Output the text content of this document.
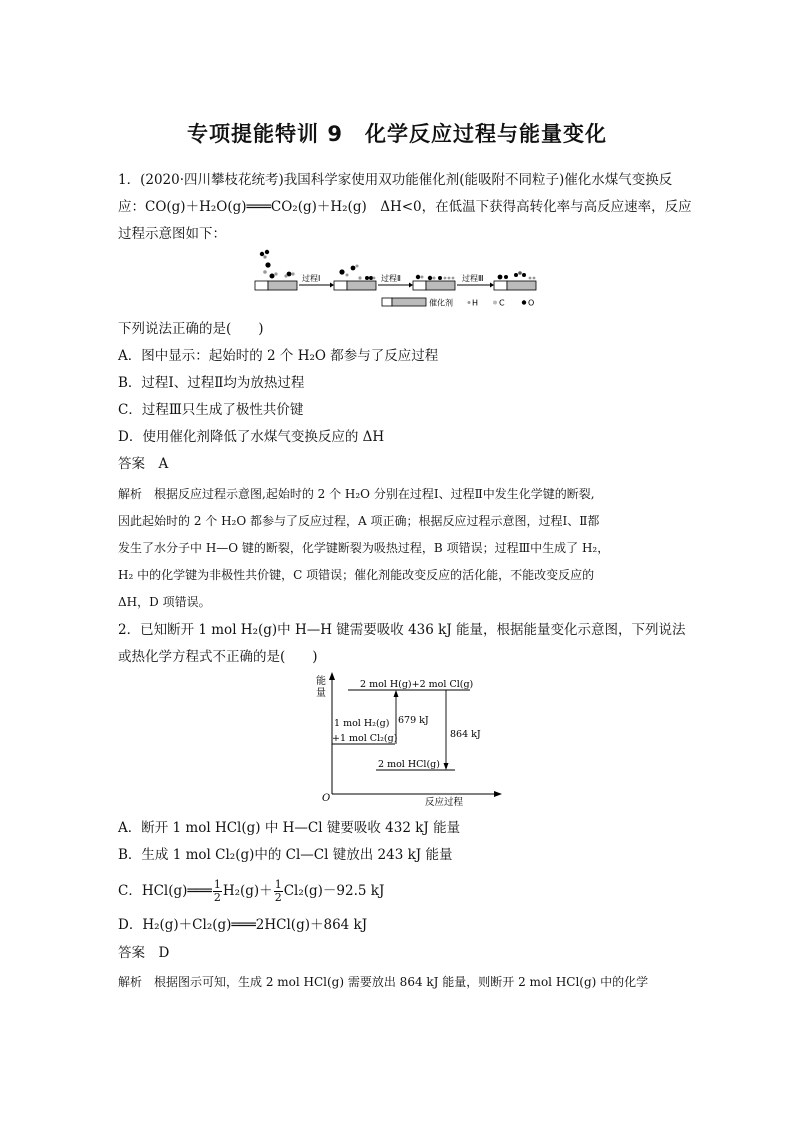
专项提能特训 9　化学反应过程与能量变化
1．(2020·四川攀枝花统考)我国科学家使用双功能催化剂(能吸附不同粒子)催化水煤气变换反
应：CO(g)＋H₂O(g)═══CO₂(g)＋H₂(g)　ΔH<0，在低温下获得高转化率与高反应速率，反应
过程示意图如下：
过程Ⅰ	过程Ⅱ	过程Ⅲ
催化剂 H	C	O
下列说法正确的是(　　)
A．图中显示：起始时的 2 个 H₂O 都参与了反应过程
B．过程Ⅰ、过程Ⅱ均为放热过程
C．过程Ⅲ只生成了极性共价键
D．使用催化剂降低了水煤气变换反应的 ΔH
答案　A
解析　根据反应过程示意图,起始时的 2 个 H₂O 分别在过程Ⅰ、过程Ⅱ中发生化学键的断裂,
因此起始时的 2 个 H₂O 都参与了反应过程，A 项正确；根据反应过程示意图，过程Ⅰ、Ⅱ都
发生了水分子中 H—O 键的断裂，化学键断裂为吸热过程，B 项错误；过程Ⅲ中生成了 H₂，
H₂ 中的化学键为非极性共价键，C 项错误；催化剂能改变反应的活化能，不能改变反应的
ΔH，D 项错误。
2．已知断开 1 mol H₂(g)中 H—H 键需要吸收 436 kJ 能量，根据能量变化示意图，下列说法
或热化学方程式不正确的是(　　)
能
量
O	反应过程
2 mol H(g)+2 mol Cl(g)
1 mol H₂(g)
+1 mol Cl₂(g)
2 mol HCl(g)
679 kJ
864 kJ
A．断开 1 mol HCl(g) 中 H—Cl 键要吸收 432 kJ 能量
B．生成 1 mol Cl₂(g)中的 Cl—Cl 键放出 243 kJ 能量
C．HCl(g)═══ $\frac{1}{2} H_2(g)+ \frac{1}{2} Cl_2(g)-92.5$ kJ
D．H₂(g)＋Cl₂(g)═══2HCl(g)＋864 kJ
答案　D
解析　根据图示可知，生成 2 mol HCl(g) 需要放出 864 kJ 能量，则断开 2 mol HCl(g) 中的化学
